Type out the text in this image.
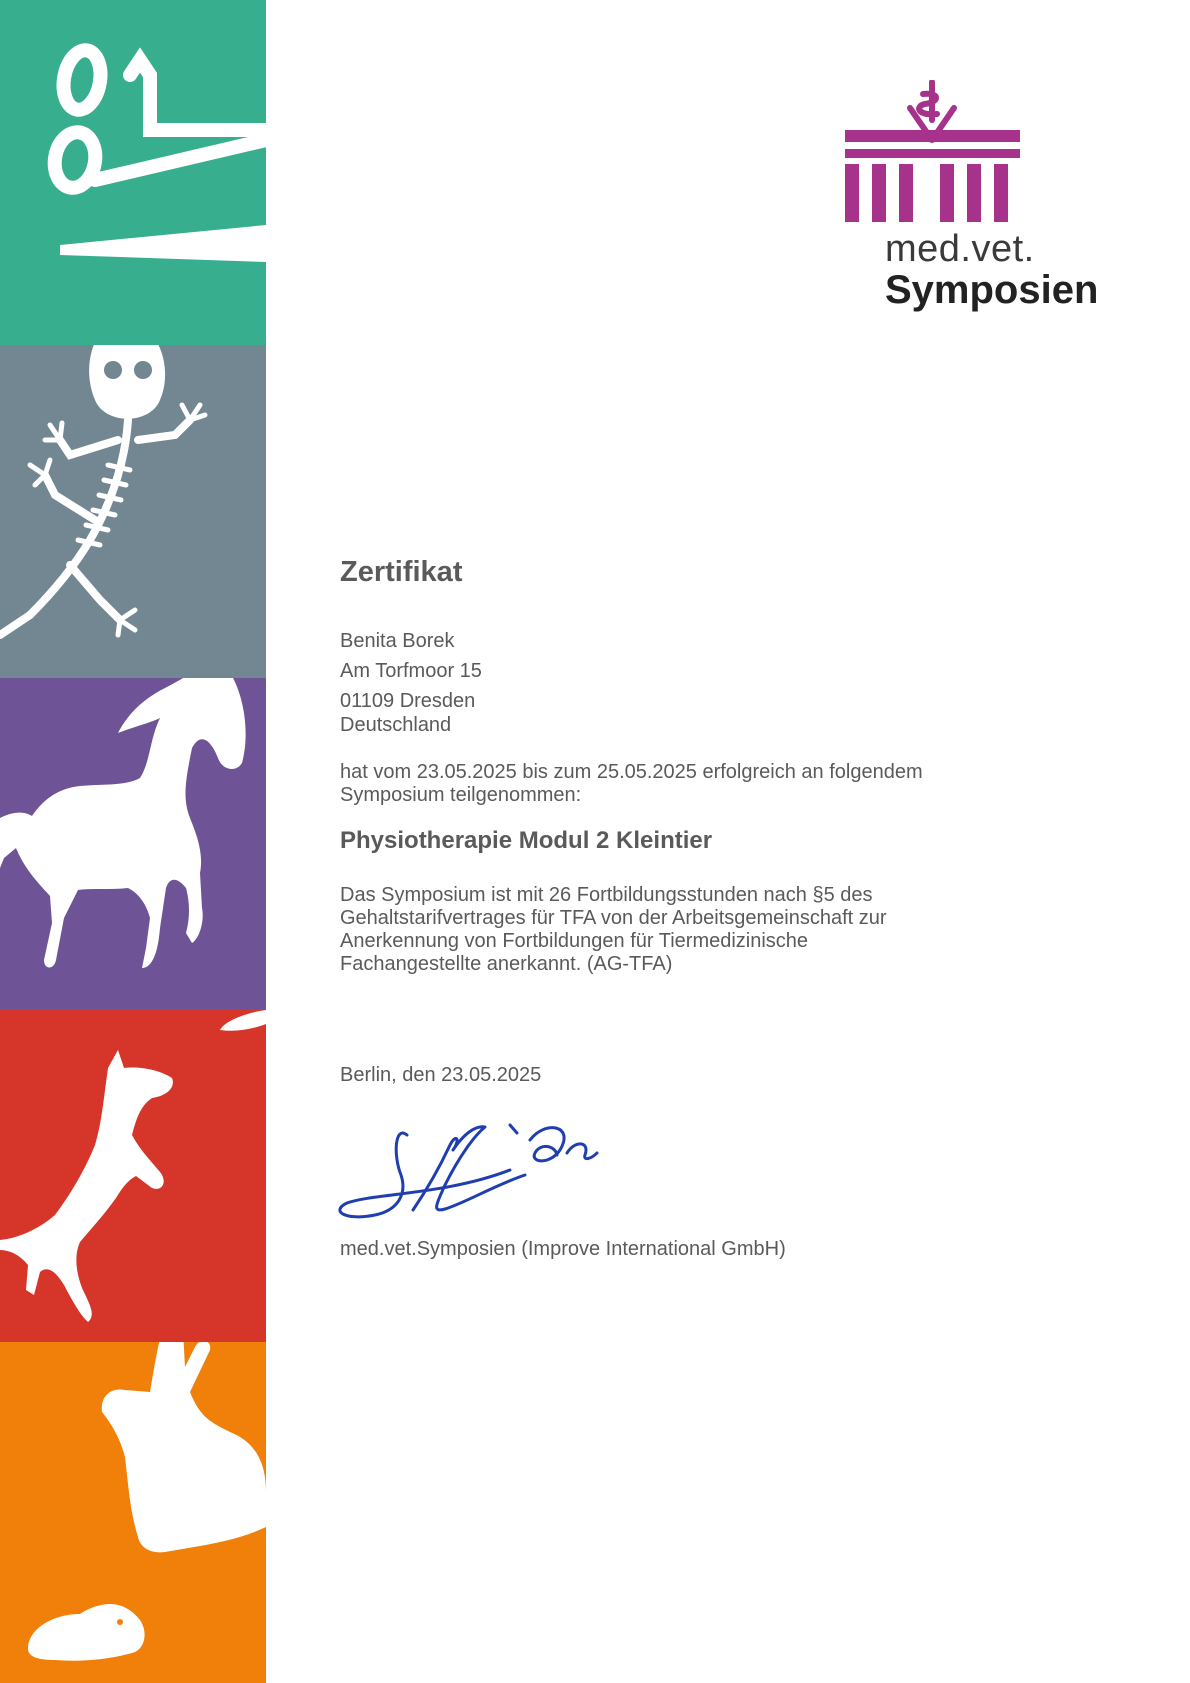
med.vet.
Symposien
Zertifikat
Benita Borek
Am Torfmoor 15
01109 Dresden
Deutschland
hat vom 23.05.2025 bis zum 25.05.2025 erfolgreich an folgendem
Symposium teilgenommen:
Physiotherapie Modul 2 Kleintier
Das Symposium ist mit 26 Fortbildungsstunden nach §5 des
Gehaltstarifvertrages für TFA von der Arbeitsgemeinschaft zur
Anerkennung von Fortbildungen für Tiermedizinische
Fachangestellte anerkannt. (AG-TFA)
Berlin, den 23.05.2025
med.vet.Symposien (Improve International GmbH)
